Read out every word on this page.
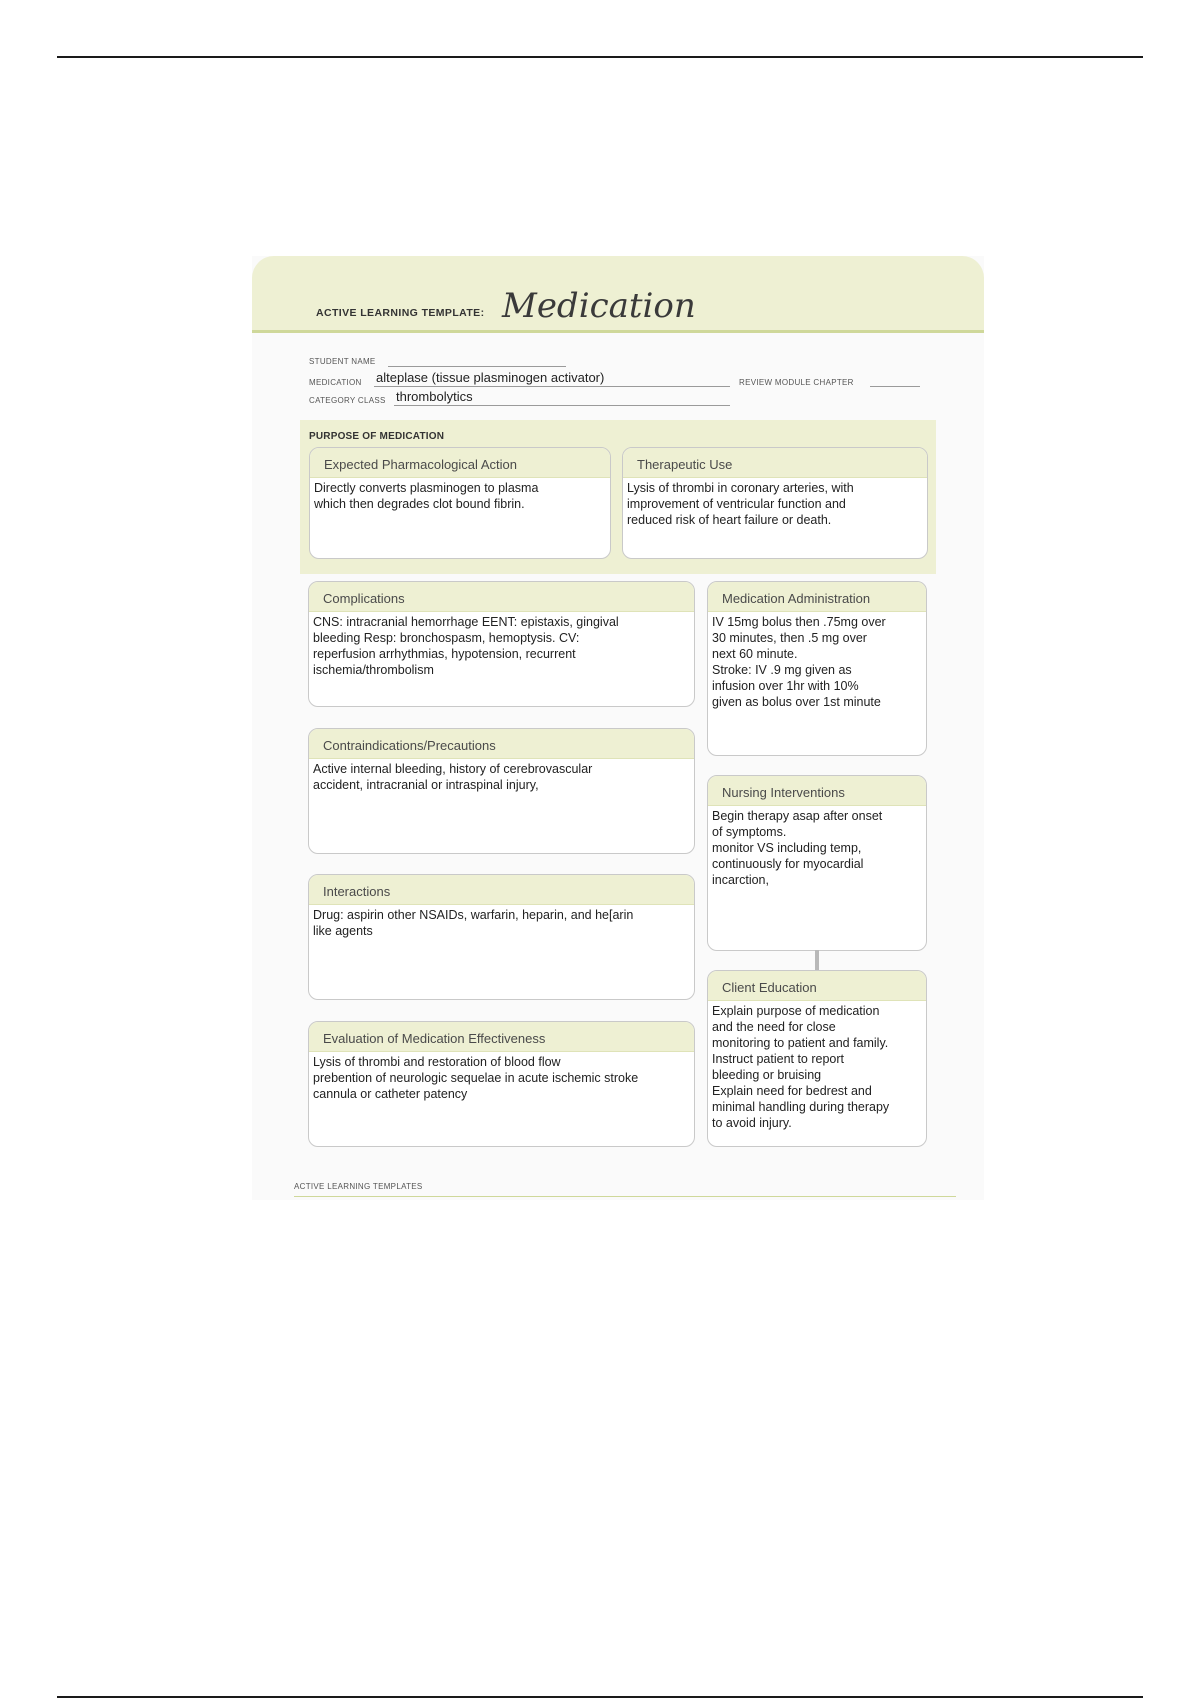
ACTIVE LEARNING TEMPLATE: Medication
STUDENT NAME
MEDICATION alteplase (tissue plasminogen activator)	REVIEW MODULE CHAPTER
CATEGORY CLASS thrombolytics
PURPOSE OF MEDICATION
Expected Pharmacological Action
Directly converts plasminogen to plasma
which then degrades clot bound fibrin.
Therapeutic Use
Lysis of thrombi in coronary arteries, with
improvement of ventricular function and
reduced risk of heart failure or death.
Complications
CNS: intracranial hemorrhage EENT: epistaxis, gingival
bleeding Resp: bronchospasm, hemoptysis. CV:
reperfusion arrhythmias, hypotension, recurrent
ischemia/thrombolism
Contraindications/Precautions
Active internal bleeding, history of cerebrovascular
accident, intracranial or intraspinal injury,
Interactions
Drug: aspirin other NSAIDs, warfarin, heparin, and he[arin
like agents
Evaluation of Medication Effectiveness
Lysis of thrombi and restoration of blood flow
prebention of neurologic sequelae in acute ischemic stroke
cannula or catheter patency
Medication Administration
IV 15mg bolus then .75mg over
30 minutes, then .5 mg over
next 60 minute.
Stroke: IV .9 mg given as
infusion over 1hr with 10%
given as bolus over 1st minute
Nursing Interventions
Begin therapy asap after onset
of symptoms.
monitor VS including temp,
continuously for myocardial
incarction,
Client Education
Explain purpose of medication
and the need for close
monitoring to patient and family.
Instruct patient to report
bleeding or bruising
Explain need for bedrest and
minimal handling during therapy
to avoid injury.
ACTIVE LEARNING TEMPLATES
